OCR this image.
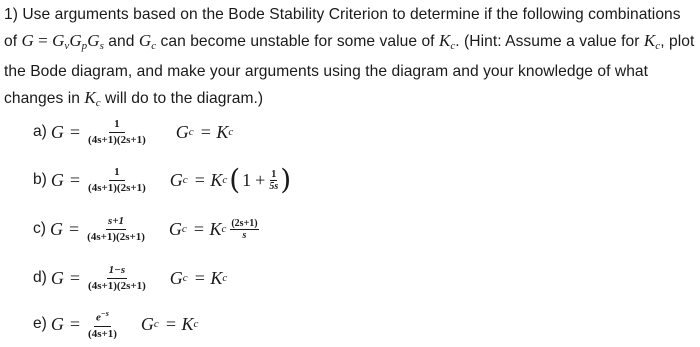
1) Use arguments based on the Bode Stability Criterion to determine if the following combinations of $G = G_vG_pG_s$ and $G_c$ can become unstable for some value of $K_c$. (Hint: Assume a value for $K_c$, plot the Bode diagram, and make your arguments using the diagram and your knowledge of what changes in $K_c$ will do to the diagram.)
a) $G = \frac{1}{(4s+1)(2s+1)}$ G c = K c
b) $G = \frac{1}{(4s+1)(2s+1)}$ G c = K c ( $1 + \frac{1}{5s}$ )
c) $G = \frac{s+1}{(4s+1)(2s+1)}$ G c = K c $\frac{(2s+1)}{s}$
d) $G = \frac{1-s}{(4s+1)(2s+1)}$ G c = K c
e) $G = \frac{e^{-s}}{(4s+1)}$ G c = K c
